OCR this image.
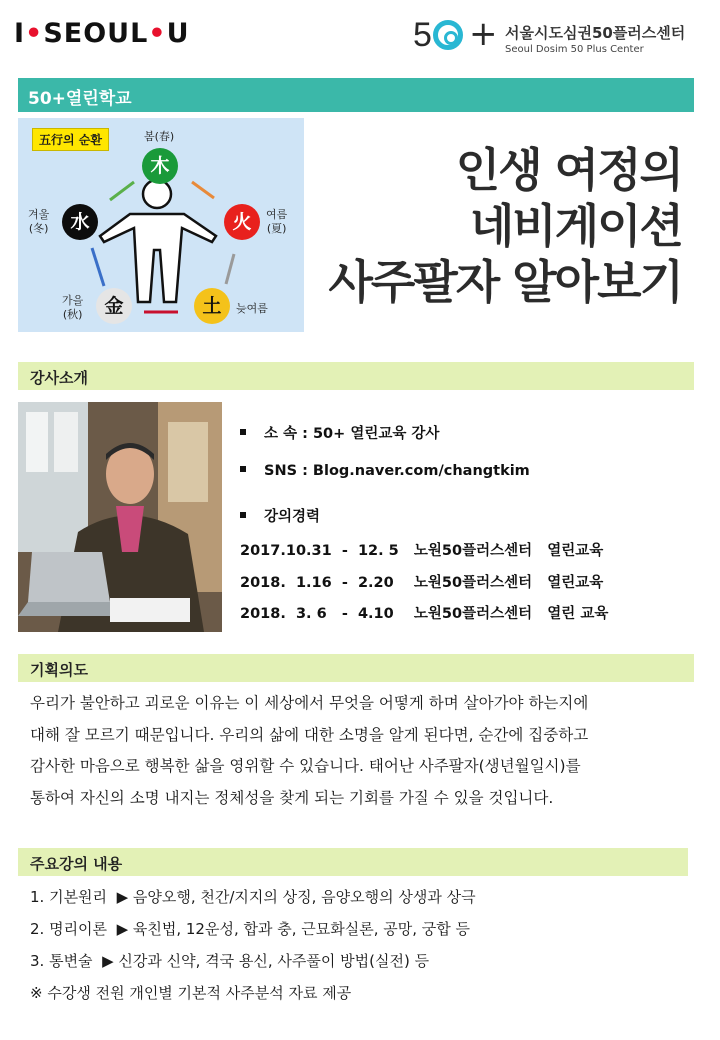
I•SEOUL•U	5 + 서울시도심권50플러스센터
Seoul Dosim 50 Plus Center
50+열린학교
五行의 순환
木
火
土
金
水
봄(春)
여름
(夏)
늦여름
가을
(秋)
겨울
(冬)
인생 여정의
네비게이션
사주팔자 알아보기
강사소개
소 속 : 50+ 열린교육 강사
SNS : Blog.naver.com/changtkim
강의경력
2017.10.31  -  12. 5   노원50플러스센터   열린교육
2018.  1.16  -  2.20    노원50플러스센터   열린교육
2018.  3. 6   -  4.10    노원50플러스센터   열린 교육
기획의도

우리가 불안하고 괴로운 이유는 이 세상에서 무엇을 어떻게 하며 살아가야 하는지에

대해 잘 모르기 때문입니다. 우리의 삶에 대한 소명을 알게 된다면, 순간에 집중하고

감사한 마음으로 행복한 삶을 영위할 수 있습니다. 태어난 사주팔자(생년월일시)를

통하여 자신의 소명 내지는 정체성을 찾게 되는 기회를 가질 수 있을 것입니다.

주요강의 내용
1. 기본원리  ▶ 음양오행, 천간/지지의 상징, 음양오행의 상생과 상극
2. 명리이론  ▶ 육친법, 12운성, 합과 충, 근묘화실론, 공망, 궁합 등
3. 통변술  ▶ 신강과 신약, 격국 용신, 사주풀이 방법(실전) 등
※ 수강생 전원 개인별 기본적 사주분석 자료 제공
